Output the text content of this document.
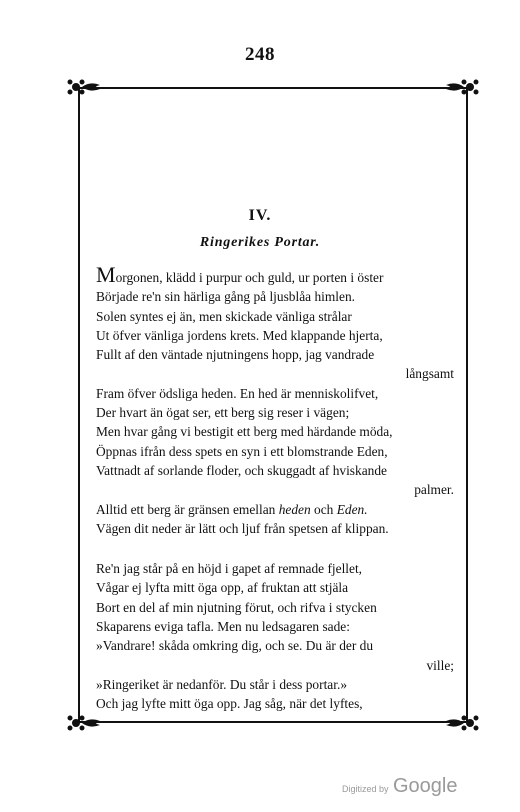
248
IV.
Ringerikes Portar.
Morgonen, klädd i purpur och guld, ur porten i öster
Började re'n sin härliga gång på ljusblåa himlen.
Solen syntes ej än, men skickade vänliga strålar
Ut öfver vänliga jordens krets. Med klappande hjerta,
Fullt af den väntade njutningens hopp, jag vandrade
långsamt
Fram öfver ödsliga heden. En hed är menniskolifvet,
Der hvart än ögat ser, ett berg sig reser i vägen;
Men hvar gång vi bestigit ett berg med härdande möda,
Öppnas ifrån dess spets en syn i ett blomstrande Eden,
Vattnadt af sorlande floder, och skuggadt af hviskande
palmer.
Alltid ett berg är gränsen emellan heden och Eden.
Vägen dit neder är lätt och ljuf från spetsen af klippan.
Re'n jag står på en höjd i gapet af remnade fjellet,
Vågar ej lyfta mitt öga opp, af fruktan att stjäla
Bort en del af min njutning förut, och rifva i stycken
Skaparens eviga tafla. Men nu ledsagaren sade:
»Vandrare! skåda omkring dig, och se. Du är der du
ville;
»Ringeriket är nedanför. Du står i dess portar.»
Och jag lyfte mitt öga opp. Jag såg, när det lyftes,
Digitized by Google
